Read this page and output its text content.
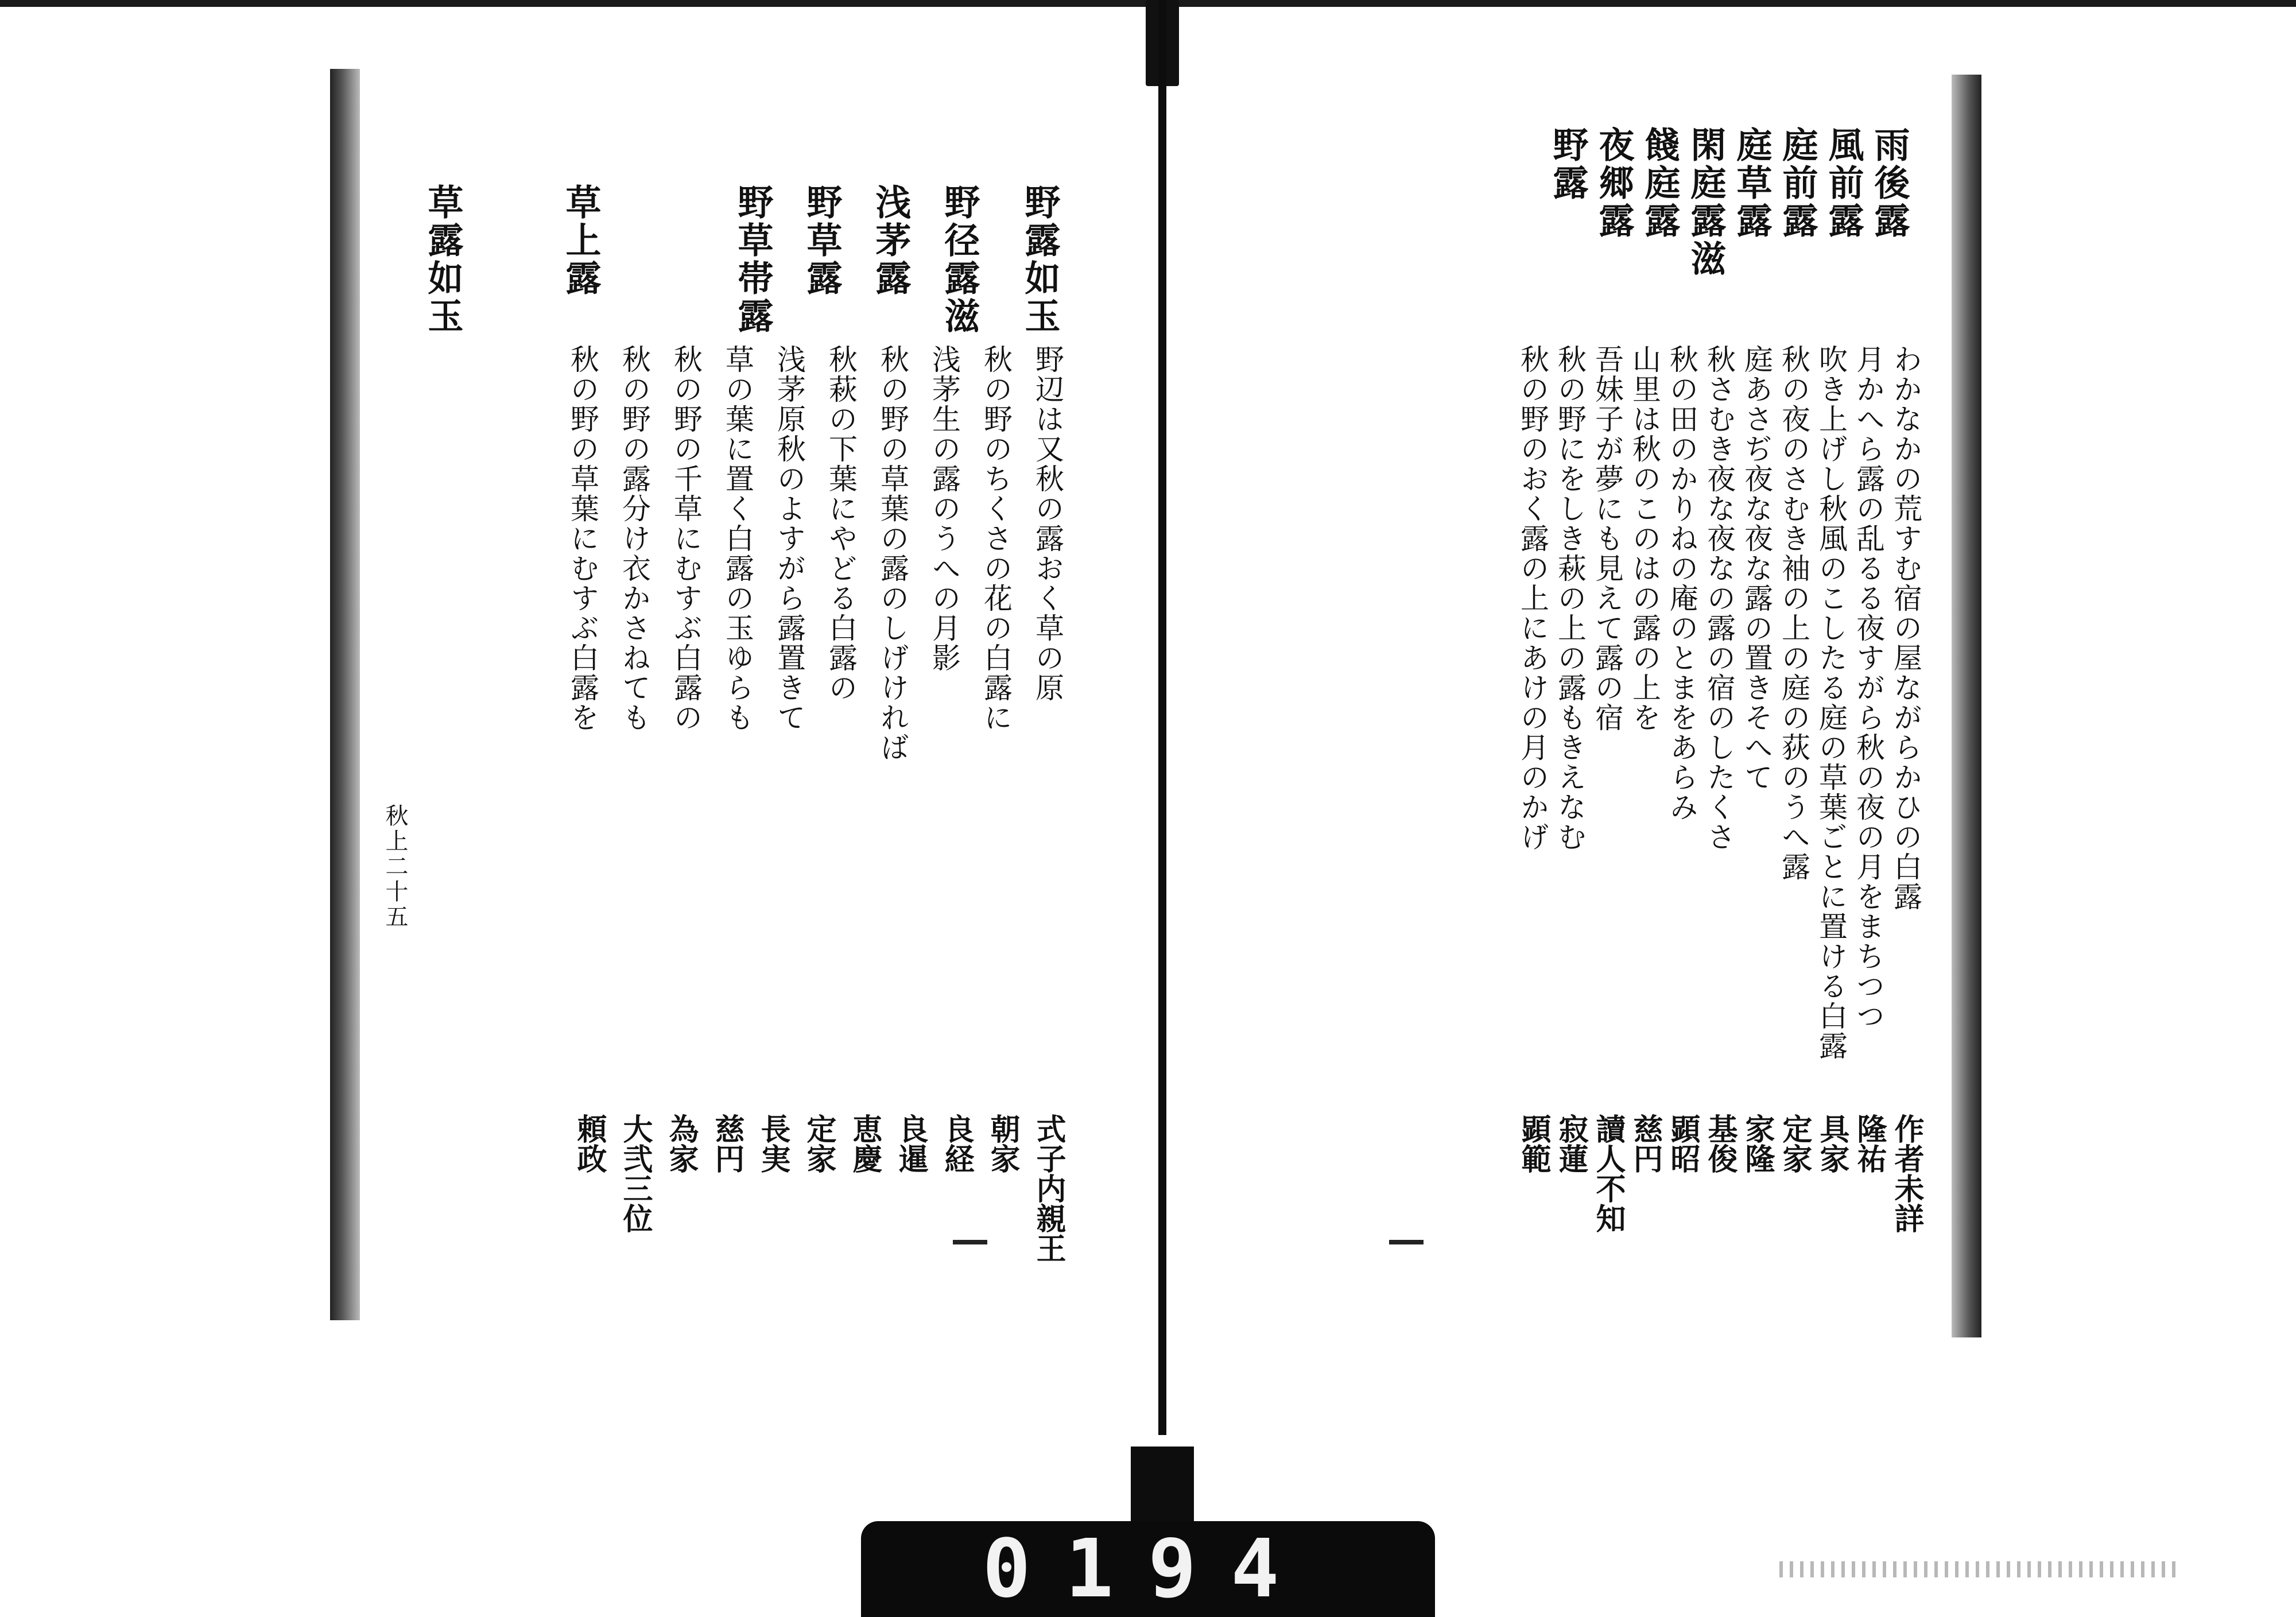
雨後露
風前露
庭前露
庭草露
閑庭露滋
餞庭露
夜郷露
野露
わかなかの荒すむ宿の屋ながらかひの白露
月かへら露の乱るる夜すがら秋の夜の月をまちつつ
吹き上げし秋風のこしたる庭の草葉ごとに置ける白露
秋の夜のさむき袖の上の庭の荻のうへ露
庭あさぢ夜な夜な露の置きそへて
秋さむき夜な夜なの露の宿のしたくさ
秋の田のかりねの庵のとまをあらみ
山里は秋のこのはの露の上を
吾妹子が夢にも見えて露の宿
秋の野にをしき萩の上の露もきえなむ
秋の野のおく露の上にあけの月のかげ
作者未詳
隆祐
具家
定家
家隆
基俊
顕昭
慈円
讀人不知
寂蓮
顕範
野露如玉
野径露滋
浅茅露
野草露
野草帯露
草上露
草露如玉
野辺は又秋の露おく草の原
秋の野のちくさの花の白露に
浅茅生の露のうへの月影
秋の野の草葉の露のしげければ
秋萩の下葉にやどる白露の
浅茅原秋のよすがら露置きて
草の葉に置く白露の玉ゆらも
秋の野の千草にむすぶ白露の
秋の野の露分け衣かさねても
秋の野の草葉にむすぶ白露を
式子内親王
朝家
良経
良暹
恵慶
定家
長実
慈円
為家
大弐三位
頼政
秋上二十五
0194
